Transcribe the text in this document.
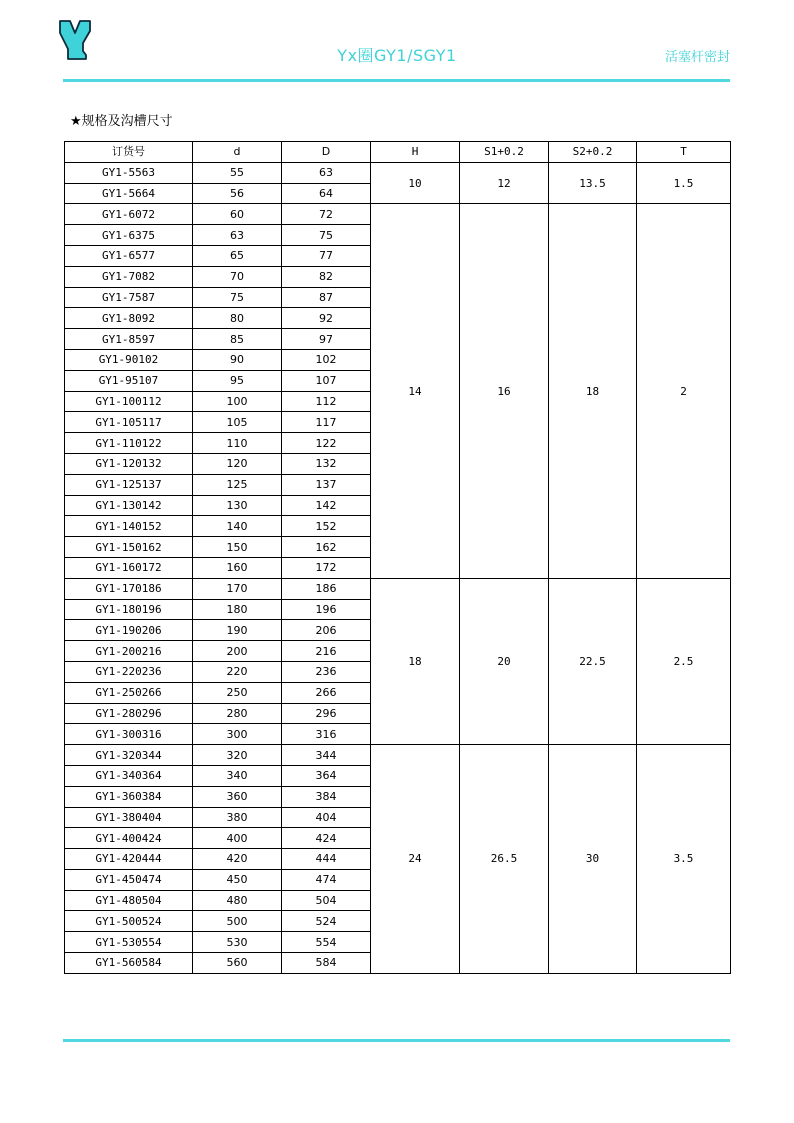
Yx圈GY1/SGY1	活塞杆密封
★规格及沟槽尺寸
订货号	d	D	H	S1+0.2	S2+0.2	T
GY1-5563	55	63	10	12	13.5	1.5
GY1-5664	56	64				
GY1-6072	60	72	14	16	18	2
GY1-6375	63	75				
GY1-6577	65	77				
GY1-7082	70	82				
GY1-7587	75	87				
GY1-8092	80	92				
GY1-8597	85	97				
GY1-90102	90	102				
GY1-95107	95	107				
GY1-100112	100	112				
GY1-105117	105	117				
GY1-110122	110	122				
GY1-120132	120	132				
GY1-125137	125	137				
GY1-130142	130	142				
GY1-140152	140	152				
GY1-150162	150	162				
GY1-160172	160	172				
GY1-170186	170	186	18	20	22.5	2.5
GY1-180196	180	196				
GY1-190206	190	206				
GY1-200216	200	216				
GY1-220236	220	236				
GY1-250266	250	266				
GY1-280296	280	296				
GY1-300316	300	316				
GY1-320344	320	344	24	26.5	30	3.5
GY1-340364	340	364				
GY1-360384	360	384				
GY1-380404	380	404				
GY1-400424	400	424				
GY1-420444	420	444				
GY1-450474	450	474				
GY1-480504	480	504				
GY1-500524	500	524				
GY1-530554	530	554				
GY1-560584	560	584				
